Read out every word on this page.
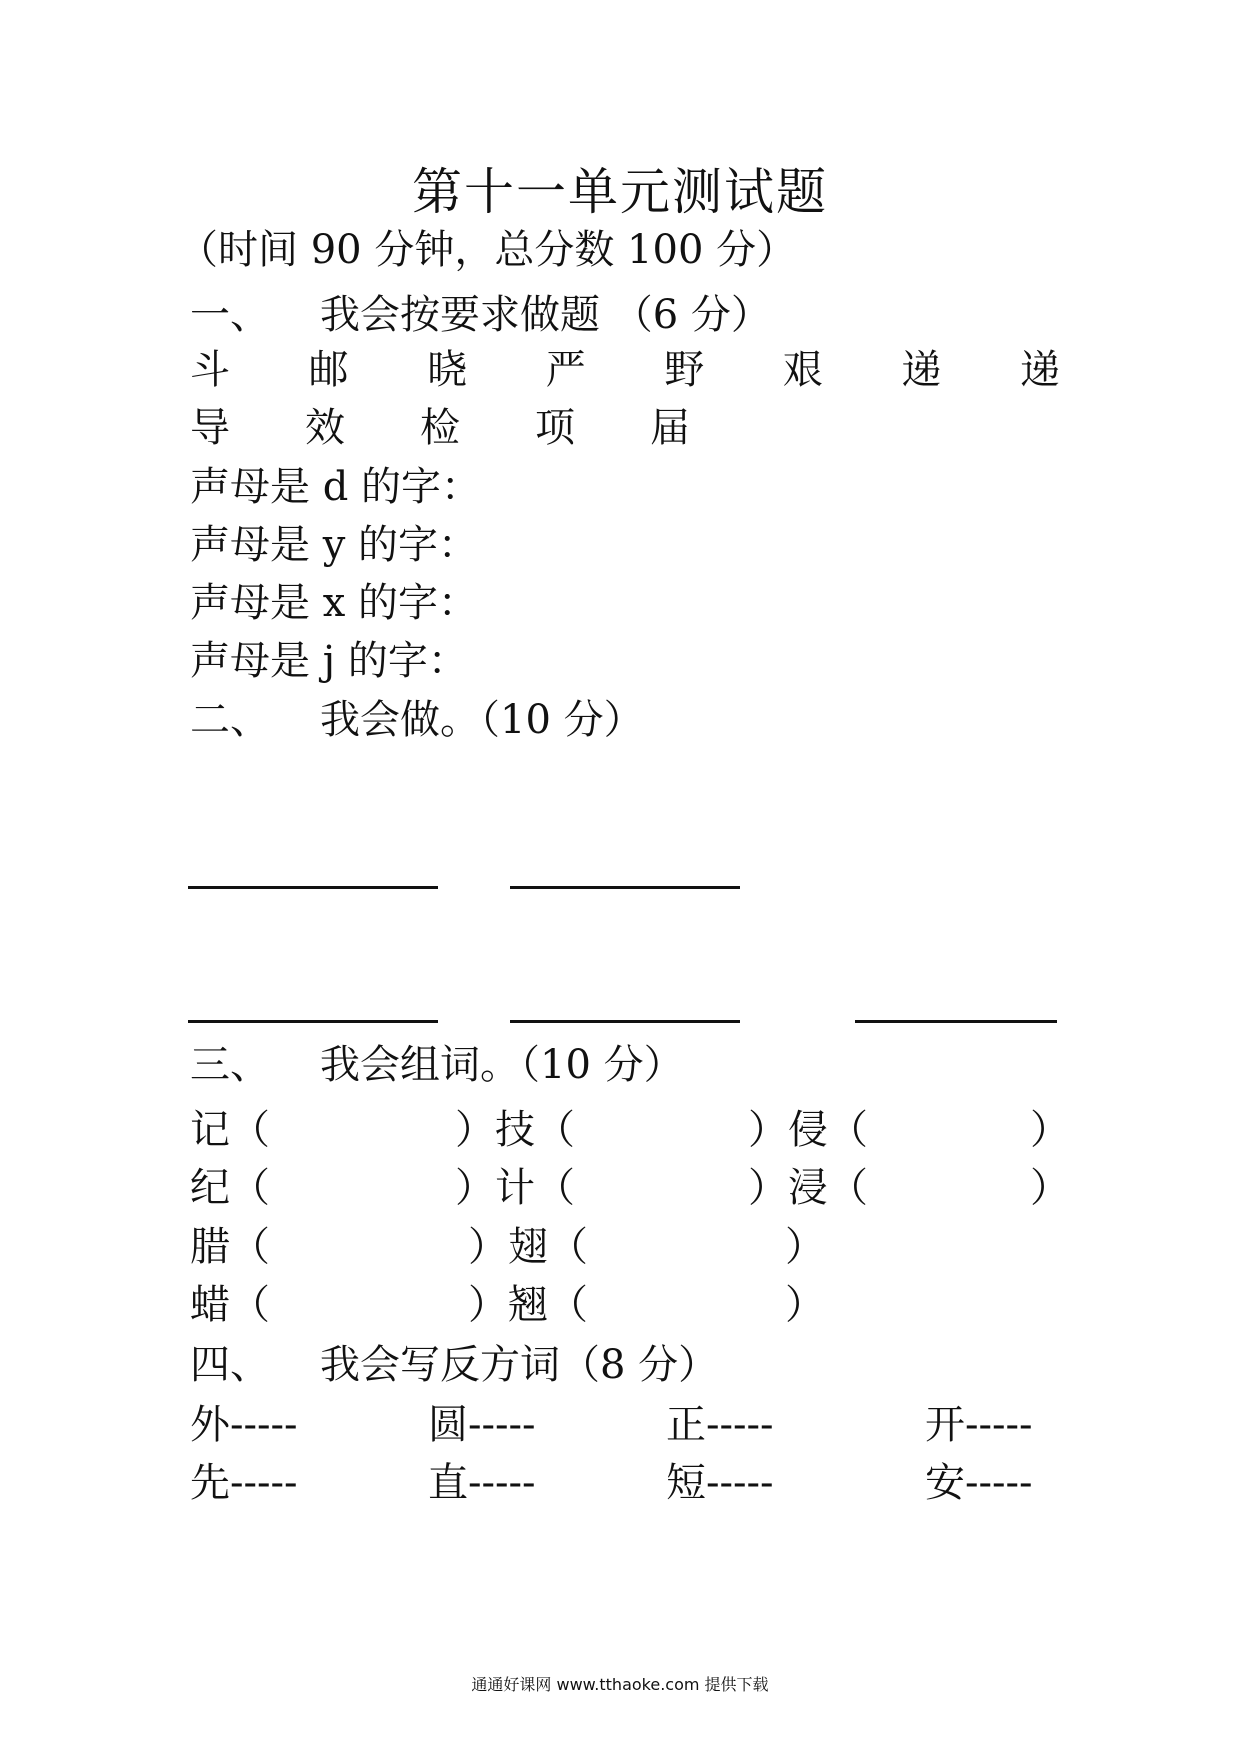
第十一单元测试题
（时间 90 分钟，总分数 100 分）
一、 我会按要求做题 （6 分）
斗 邮 晓 严 野 艰 递 递
导	效	检	项	届
声母是 d 的字：
声母是 y 的字：
声母是 x 的字：
声母是 j 的字：
二、 我会做。（10 分）
三、 我会组词。（10 分）
记（	）技（	）侵（	）
纪（	）计（	）浸（	）
腊（	）翅（	）
蜡（	）翘（	）
四、 我会写反方词（8 分）
外-----	圆-----	正-----	开-----
先-----	直-----	短-----	安-----
通通好课网 www.tthaoke.com 提供下载
